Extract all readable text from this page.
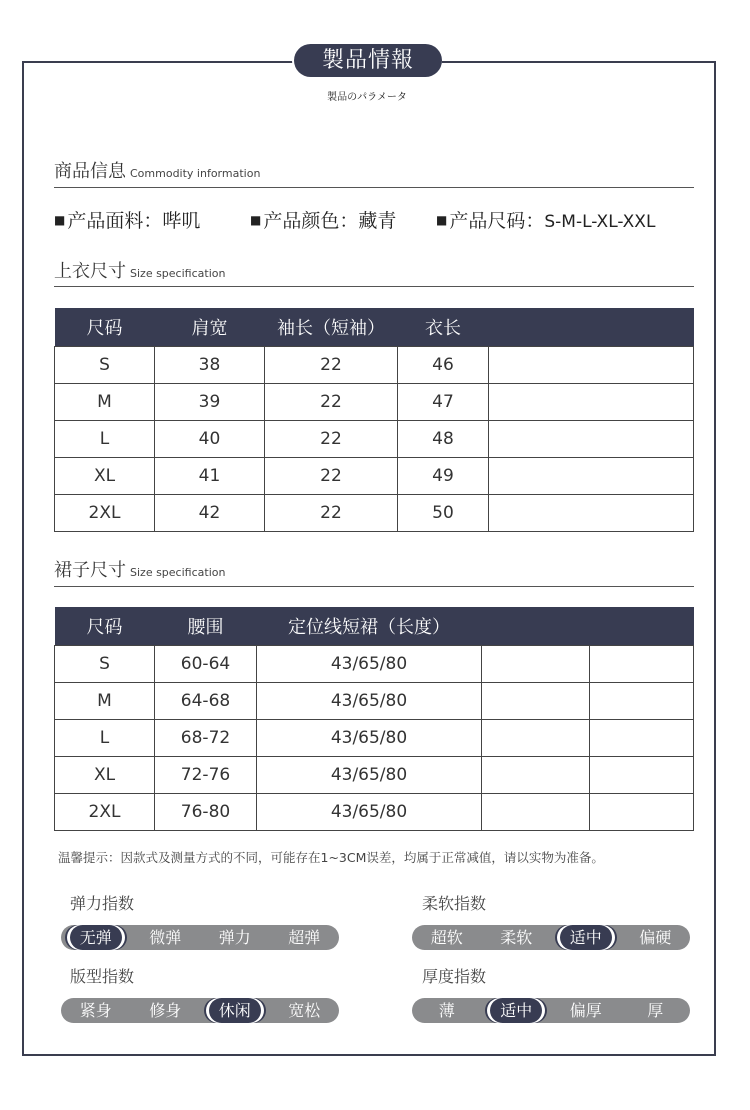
製品情報
製品のパラメータ
商品信息 Commodity information
■ 产品面料：哔叽	■ 产品颜色：藏青	■ 产品尺码：S-M-L-XL-XXL
上衣尺寸 Size specification
尺码	肩宽	袖长（短袖）	衣长	
S	38	22	46	
M	39	22	47	
L	40	22	48	
XL	41	22	49	
2XL	42	22	50	
裙子尺寸 Size specification
尺码	腰围	定位线短裙（长度）		
S	60-64	43/65/80		
M	64-68	43/65/80		
L	68-72	43/65/80		
XL	72-76	43/65/80		
2XL	76-80	43/65/80		
温馨提示：因款式及测量方式的不同，可能存在1~3CM误差，均属于正常减值，请以实物为准备。
弹力指数
无弹	微弹	弹力	超弹
柔软指数
超软	柔软	适中	偏硬
版型指数
紧身	修身	休闲	宽松
厚度指数
薄	适中	偏厚	厚
